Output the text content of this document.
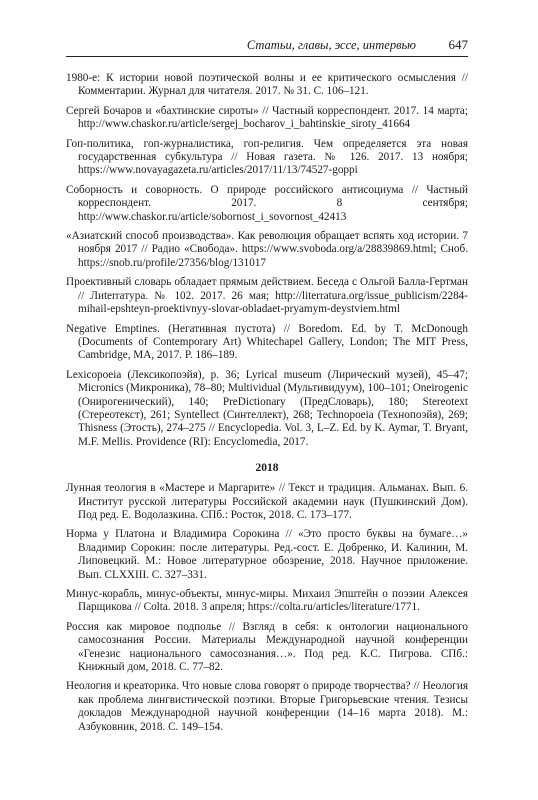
Статьи, главы, эссе, интервью	647

1980-е: К истории новой поэтической волны и ее критического осмысления // Комментарии. Журнал для читателя. 2017. № 31. С. 106–121.

Сергей Бочаров и «бахтинские сироты» // Частный корреспондент. 2017. 14 марта; http://www.chaskor.ru/article/sergej_bocharov_i_bahtinskie_siroty_41664

Гоп-политика, гоп-журналистика, гоп-религия. Чем определяется эта новая государственная субкультура // Новая газета. № 126. 2017. 13 ноября; https://www.novayagazeta.ru/articles/2017/11/13/74527-goppi

Соборность и соворность. О природе российского антисоциума // Частный корреспондент. 2017. 8 сентября; http://www.chaskor.ru/article/sobornost_i_sovornost_42413

«Азиатский способ производства». Как революция обращает вспять ход истории. 7 ноября 2017 // Радио «Свобода». https://www.svoboda.org/a/28839869.html; Сноб. https://snob.ru/profile/27356/blog/131017

Проективный словарь обладает прямым действием. Беседа с Ольгой Балла-Гертман // Лиterraтура. № 102. 2017. 26 мая; http://literratura.org/issue_publicism/2284-mihail-epshteyn-proektivnyy-slovar-obladaet-pryamym-deystviem.html

Negative Emptines. (Негативная пустота) // Boredom. Ed. by T. McDonough (Documents of Contemporary Art) Whitechapel Gallery, London; The MIT Press, Cambridge, MA, 2017. P. 186–189.

Lexicopoeia (Лексикопоэйя), p. 36; Lyrical museum (Лирический музей), 45–47; Micronics (Микроника), 78–80; Multividual (Мультивидуум), 100–101; Oneirogenic (Онирогенический), 140; PreDictionary (ПредСловарь), 180; Stereotext (Стереотекст), 261; Syntellect (Синтеллект), 268; Technopoeia (Технопоэйя), 269; Thisness (Этость), 274–275 // Encyclopedia. Vol. 3, L–Z. Ed. by K. Aymar, T. Bryant, M.F. Mellis. Providence (RI): Encyclomedia, 2017.

2018

Лунная теология в «Мастере и Маргарите» // Текст и традиция. Альманах. Вып. 6. Институт русской литературы Российской академии наук (Пушкинский Дом). Под ред. Е. Водолазкина. СПб.: Росток, 2018. С. 173–177.

Норма у Платона и Владимира Сорокина // «Это просто буквы на бумаге…» Владимир Сорокин: после литературы. Ред.-сост. Е. Добренко, И. Калинин, М. Липовецкий. М.: Новое литературное обозрение, 2018. Научное приложение. Вып. CLXXIII. С. 327–331.

Минус-корабль, минус-объекты, минус-миры. Михаил Эпштейн о поэзии Алексея Парщикова // Colta. 2018. 3 апреля; https://colta.ru/articles/literature/1771.

Россия как мировое подполье // Взгляд в себя: к онтологии национального самосознания России. Материалы Международной научной конференции «Генезис национального самосознания…». Под ред. К.С. Пигрова. СПб.: Книжный дом, 2018. С. 77–82.

Неология и креаторика. Что новые слова говорят о природе творчества? // Неология как проблема лингвистической поэтики. Вторые Григорьевские чтения. Тезисы докладов Международной научной конференции (14–16 марта 2018). М.: Азбуковник, 2018. С. 149–154.
